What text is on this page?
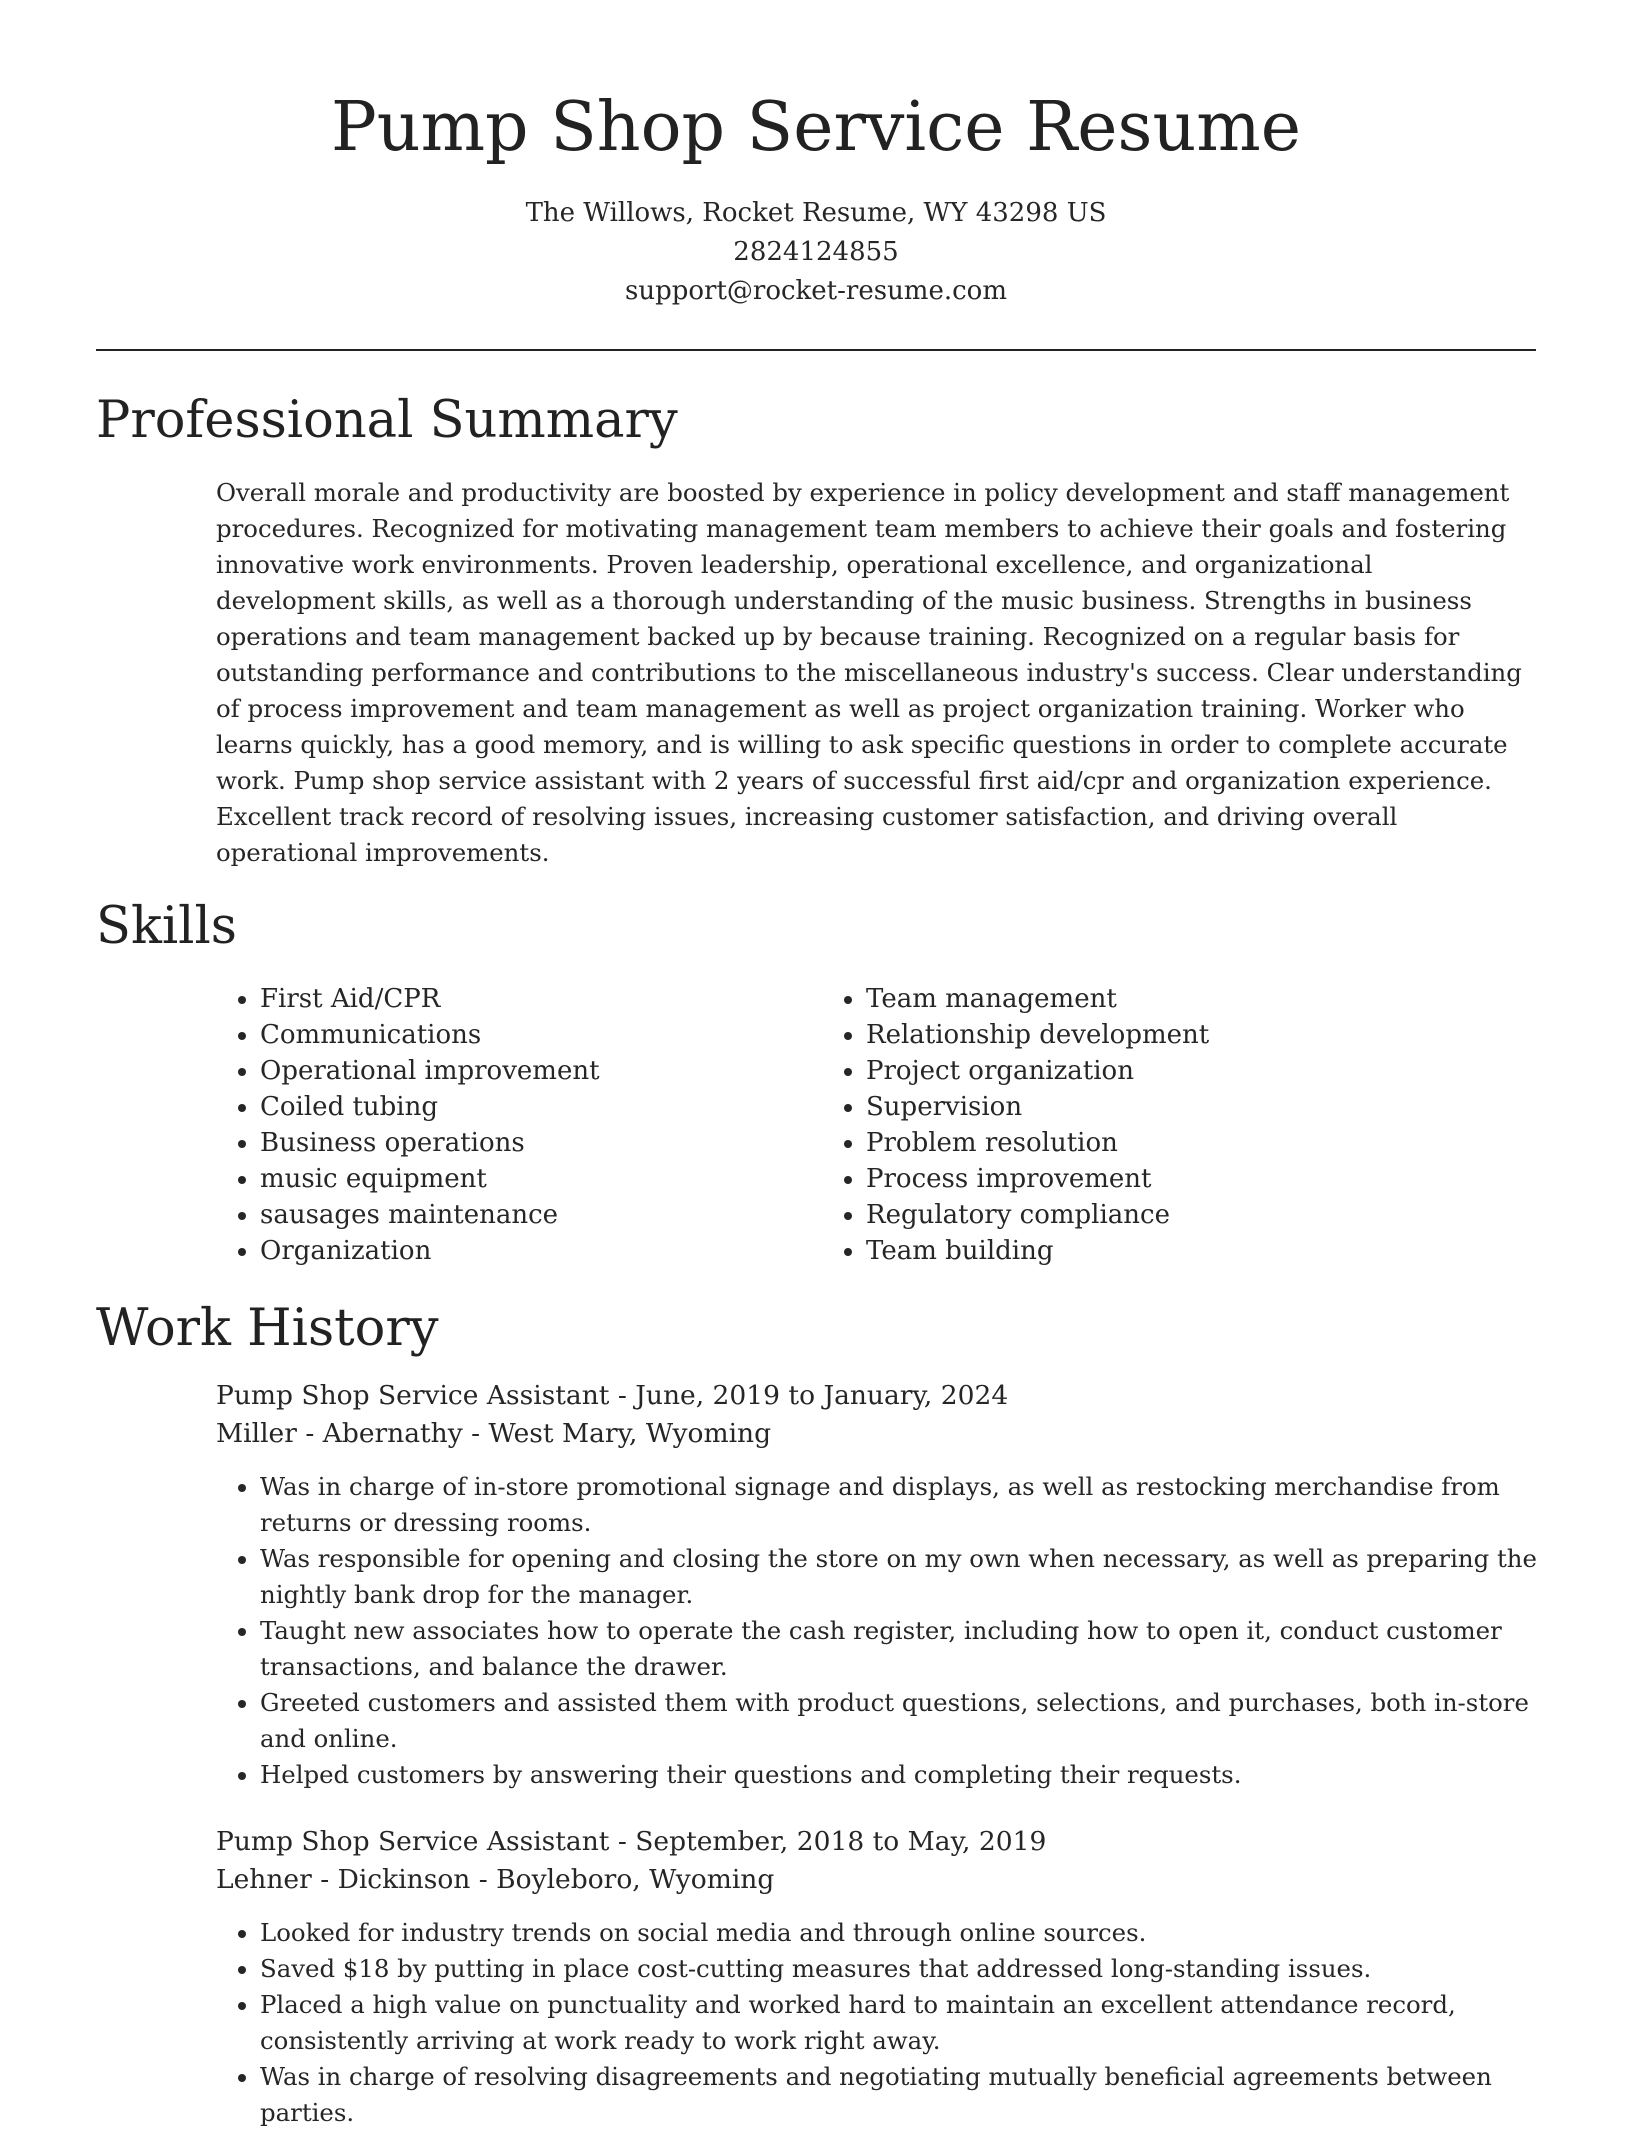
Pump Shop Service Resume
The Willows, Rocket Resume, WY 43298 US
2824124855
support@rocket-resume.com
Professional Summary

Overall morale and productivity are boosted by experience in policy development and staff management procedures. Recognized for motivating management team members to achieve their goals and fostering innovative work environments. Proven leadership, operational excellence, and organizational development skills, as well as a thorough understanding of the music business. Strengths in business operations and team management backed up by because training. Recognized on a regular basis for outstanding performance and contributions to the miscellaneous industry's success. Clear understanding of process improvement and team management as well as project organization training. Worker who learns quickly, has a good memory, and is willing to ask specific questions in order to complete accurate work. Pump shop service assistant with 2 years of successful first aid/cpr and organization experience. Excellent track record of resolving issues, increasing customer satisfaction, and driving overall operational improvements.

Skills
• First Aid/CPR
• Communications
• Operational improvement
• Coiled tubing
• Business operations
• music equipment
• sausages maintenance
• Organization
• Team management
• Relationship development
• Project organization
• Supervision
• Problem resolution
• Process improvement
• Regulatory compliance
• Team building
Work History
Pump Shop Service Assistant - June, 2019 to January, 2024
Miller - Abernathy - West Mary, Wyoming
• Was in charge of in-store promotional signage and displays, as well as restocking merchandise from returns or dressing rooms.
• Was responsible for opening and closing the store on my own when necessary, as well as preparing the nightly bank drop for the manager.
• Taught new associates how to operate the cash register, including how to open it, conduct customer transactions, and balance the drawer.
• Greeted customers and assisted them with product questions, selections, and purchases, both in-store and online.
• Helped customers by answering their questions and completing their requests.
Pump Shop Service Assistant - September, 2018 to May, 2019
Lehner - Dickinson - Boyleboro, Wyoming
• Looked for industry trends on social media and through online sources.
• Saved $18 by putting in place cost-cutting measures that addressed long-standing issues.
• Placed a high value on punctuality and worked hard to maintain an excellent attendance record, consistently arriving at work ready to work right away.
• Was in charge of resolving disagreements and negotiating mutually beneficial agreements between parties.
